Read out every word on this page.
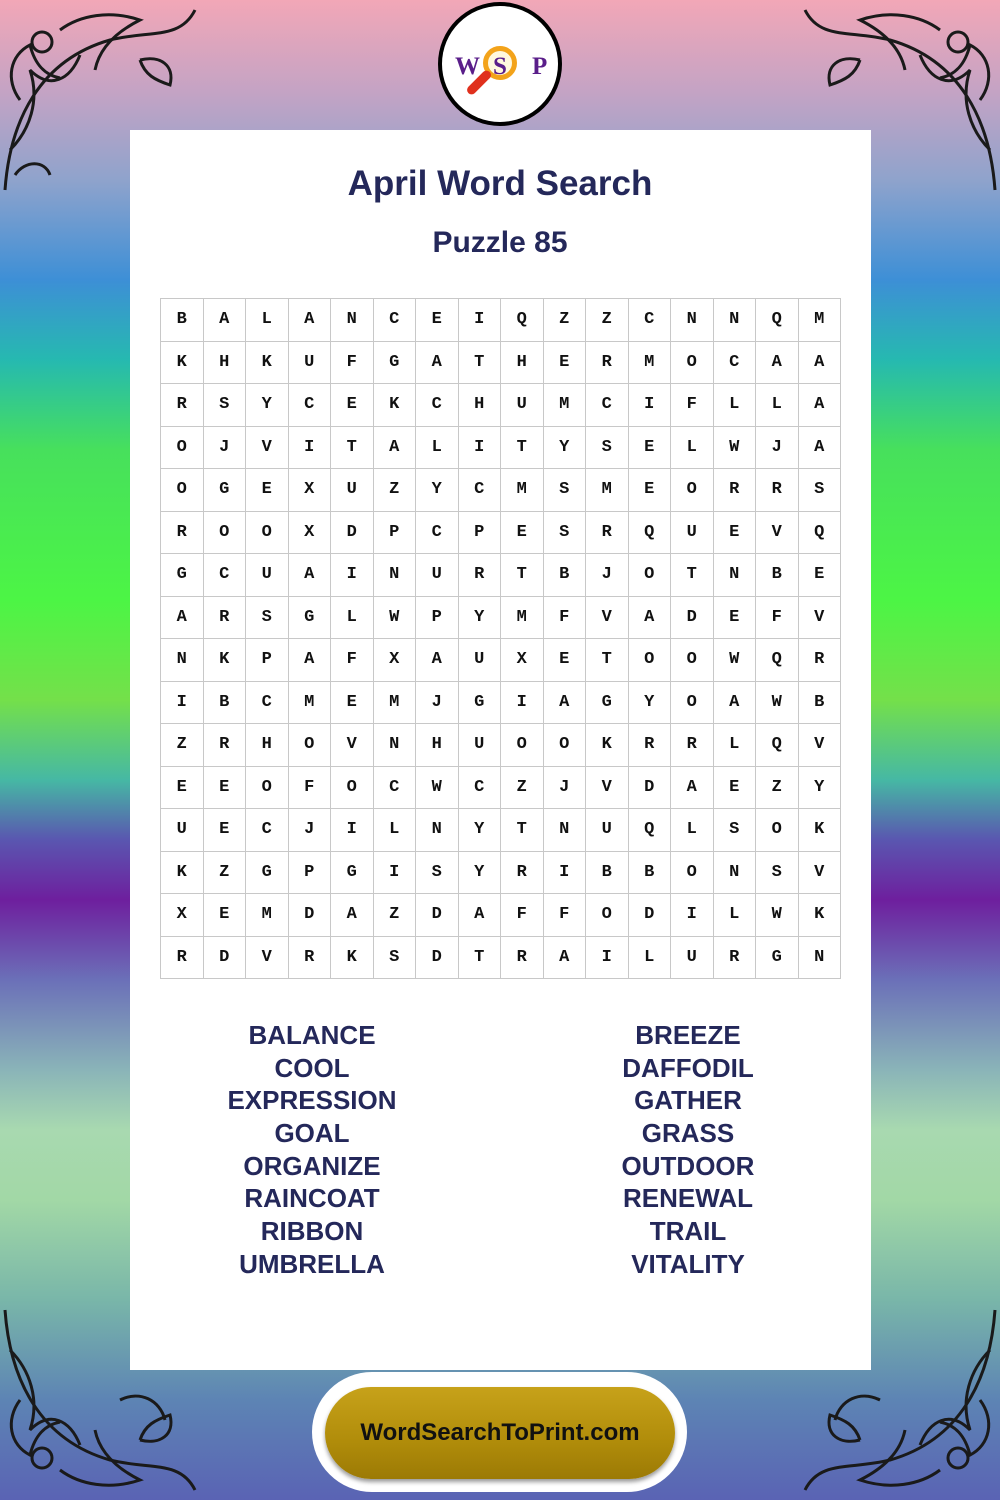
W S P
April Word Search
Puzzle 85
B	A	L	A	N	C	E	I	Q	Z	Z	C	N	N	Q	M
K	H	K	U	F	G	A	T	H	E	R	M	O	C	A	A
R	S	Y	C	E	K	C	H	U	M	C	I	F	L	L	A
O	J	V	I	T	A	L	I	T	Y	S	E	L	W	J	A
O	G	E	X	U	Z	Y	C	M	S	M	E	O	R	R	S
R	O	O	X	D	P	C	P	E	S	R	Q	U	E	V	Q
G	C	U	A	I	N	U	R	T	B	J	O	T	N	B	E
A	R	S	G	L	W	P	Y	M	F	V	A	D	E	F	V
N	K	P	A	F	X	A	U	X	E	T	O	O	W	Q	R
I	B	C	M	E	M	J	G	I	A	G	Y	O	A	W	B
Z	R	H	O	V	N	H	U	O	O	K	R	R	L	Q	V
E	E	O	F	O	C	W	C	Z	J	V	D	A	E	Z	Y
U	E	C	J	I	L	N	Y	T	N	U	Q	L	S	O	K
K	Z	G	P	G	I	S	Y	R	I	B	B	O	N	S	V
X	E	M	D	A	Z	D	A	F	F	O	D	I	L	W	K
R	D	V	R	K	S	D	T	R	A	I	L	U	R	G	N
BALANCE
COOL
EXPRESSION
GOAL
ORGANIZE
RAINCOAT
RIBBON
UMBRELLA
BREEZE
DAFFODIL
GATHER
GRASS
OUTDOOR
RENEWAL
TRAIL
VITALITY
WordSearchToPrint.com
